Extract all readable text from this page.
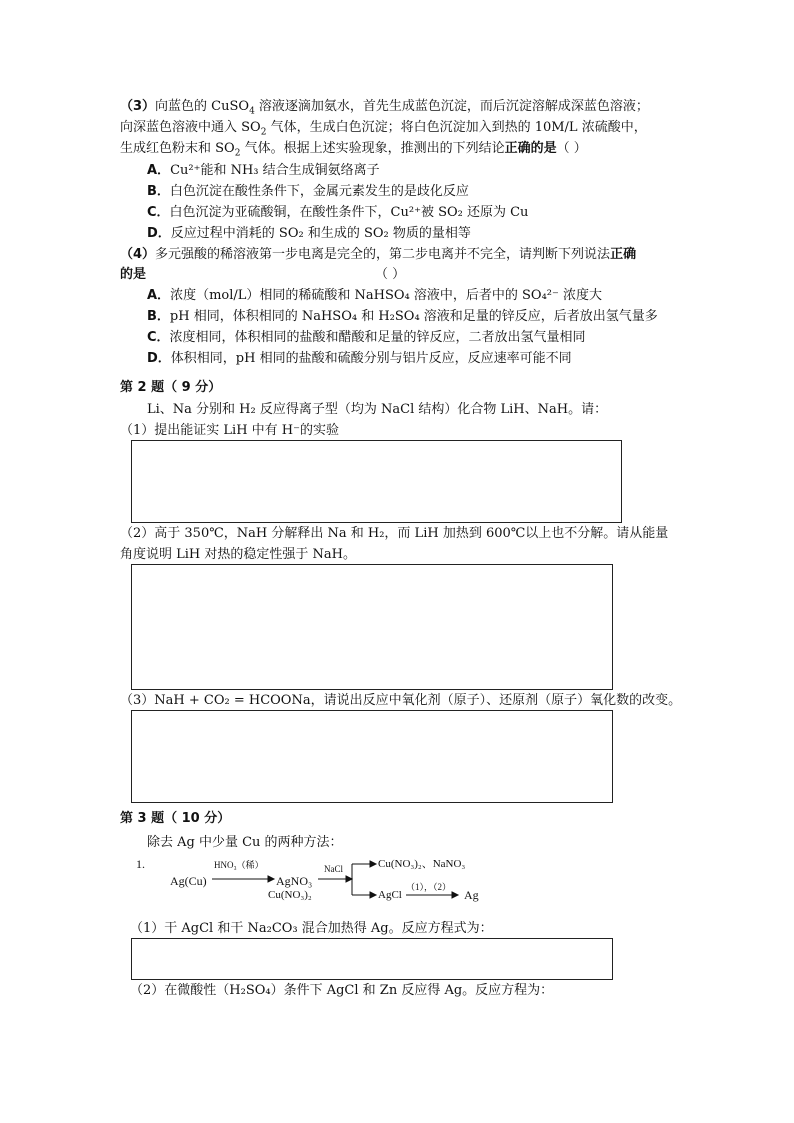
（3）向蓝色的 CuSO$_4$ 溶液逐滴加氨水，首先生成蓝色沉淀，而后沉淀溶解成深蓝色溶液；
向深蓝色溶液中通入 $SO_2$ 气体，生成白色沉淀；将白色沉淀加入到热的 10M/L 浓硫酸中，
生成红色粉末和 $SO_2$ 气体。根据上述实验现象，推测出的下列结论正确的是（ ）
A．Cu²⁺能和 NH₃ 结合生成铜氨络离子
B．白色沉淀在酸性条件下，金属元素发生的是歧化反应
C．白色沉淀为亚硫酸铜，在酸性条件下，Cu²⁺被 SO₂ 还原为 Cu
D．反应过程中消耗的 SO₂ 和生成的 SO₂ 物质的量相等
（4）多元强酸的稀溶液第一步电离是完全的，第二步电离并不完全，请判断下列说法正确
的是	（ ）
A．浓度（mol/L）相同的稀硫酸和 NaHSO₄ 溶液中，后者中的 SO₄²⁻ 浓度大
B．pH 相同，体积相同的 NaHSO₄ 和 H₂SO₄ 溶液和足量的锌反应，后者放出氢气量多
C．浓度相同，体积相同的盐酸和醋酸和足量的锌反应，二者放出氢气量相同
D．体积相同，pH 相同的盐酸和硫酸分别与铝片反应，反应速率可能不同
第 2 题（ 9 分）
Li、Na 分别和 H₂ 反应得离子型（均为 NaCl 结构）化合物 LiH、NaH。请：
（1）提出能证实 LiH 中有 H⁻的实验
（2）高于 350℃，NaH 分解释出 Na 和 H₂，而 LiH 加热到 600℃以上也不分解。请从能量
角度说明 LiH 对热的稳定性强于 NaH。
（3）NaH + CO₂ = HCOONa，请说出反应中氧化剂（原子）、还原剂（原子）氧化数的改变。
第 3 题（ 10 分）
除去 Ag 中少量 Cu 的两种方法：
1.
Ag(Cu)
HNO₃（稀）
AgNO₃
Cu(NO₃)₂
NaCl	Cu(NO₃)₂、NaNO₃
AgCl
（1），（2）
Ag
（1）干 AgCl 和干 Na₂CO₃ 混合加热得 Ag。反应方程式为：
（2）在微酸性（H₂SO₄）条件下 AgCl 和 Zn 反应得 Ag。反应方程为：
